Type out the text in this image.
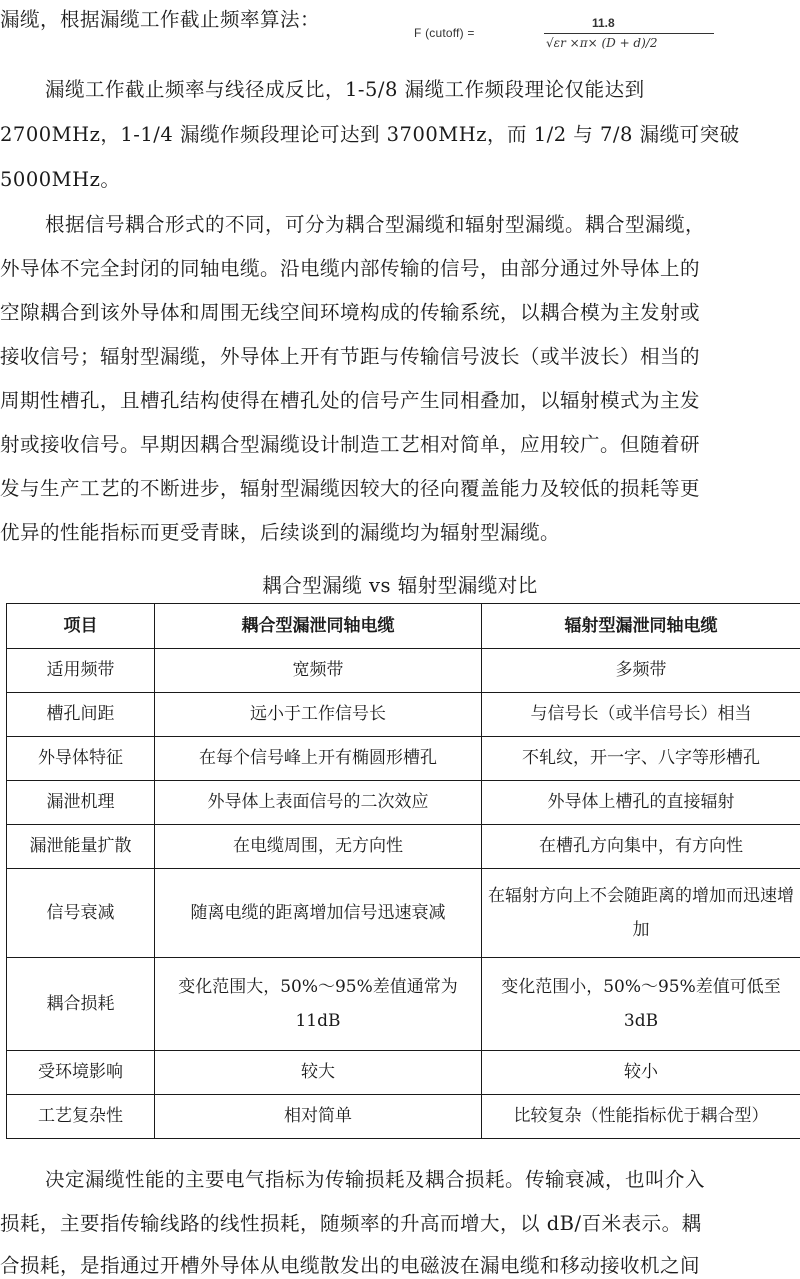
漏缆，根据漏缆工作截止频率算法：
F (cutoff) =
11.8
√εr ×π× (D + d)/2
漏缆工作截止频率与线径成反比，1-5/8 漏缆工作频段理论仅能达到
2700MHz，1-1/4 漏缆作频段理论可达到 3700MHz，而 1/2 与 7/8 漏缆可突破
5000MHz。
根据信号耦合形式的不同，可分为耦合型漏缆和辐射型漏缆。耦合型漏缆，
外导体不完全封闭的同轴电缆。沿电缆内部传输的信号，由部分通过外导体上的
空隙耦合到该外导体和周围无线空间环境构成的传输系统，以耦合模为主发射或
接收信号；辐射型漏缆，外导体上开有节距与传输信号波长（或半波长）相当的
周期性槽孔，且槽孔结构使得在槽孔处的信号产生同相叠加，以辐射模式为主发
射或接收信号。早期因耦合型漏缆设计制造工艺相对简单，应用较广。但随着研
发与生产工艺的不断进步，辐射型漏缆因较大的径向覆盖能力及较低的损耗等更
优异的性能指标而更受青睐，后续谈到的漏缆均为辐射型漏缆。
耦合型漏缆 vs 辐射型漏缆对比
项目	耦合型漏泄同轴电缆	辐射型漏泄同轴电缆
适用频带	宽频带	多频带
槽孔间距	远小于工作信号长	与信号长（或半信号长）相当
外导体特征	在每个信号峰上开有椭圆形槽孔	不轧纹，开一字、八字等形槽孔
漏泄机理	外导体上表面信号的二次效应	外导体上槽孔的直接辐射
漏泄能量扩散	在电缆周围，无方向性	在槽孔方向集中，有方向性
信号衰减	随离电缆的距离增加信号迅速衰减	在辐射方向上不会随距离的增加而迅速增加
耦合损耗	变化范围大，50%～95%差值通常为11dB	变化范围小，50%～95%差值可低至3dB
受环境影响	较大	较小
工艺复杂性	相对简单	比较复杂（性能指标优于耦合型）
决定漏缆性能的主要电气指标为传输损耗及耦合损耗。传输衰减，也叫介入
损耗，主要指传输线路的线性损耗，随频率的升高而增大，以 dB/百米表示。耦
合损耗，是指通过开槽外导体从电缆散发出的电磁波在漏电缆和移动接收机之间
